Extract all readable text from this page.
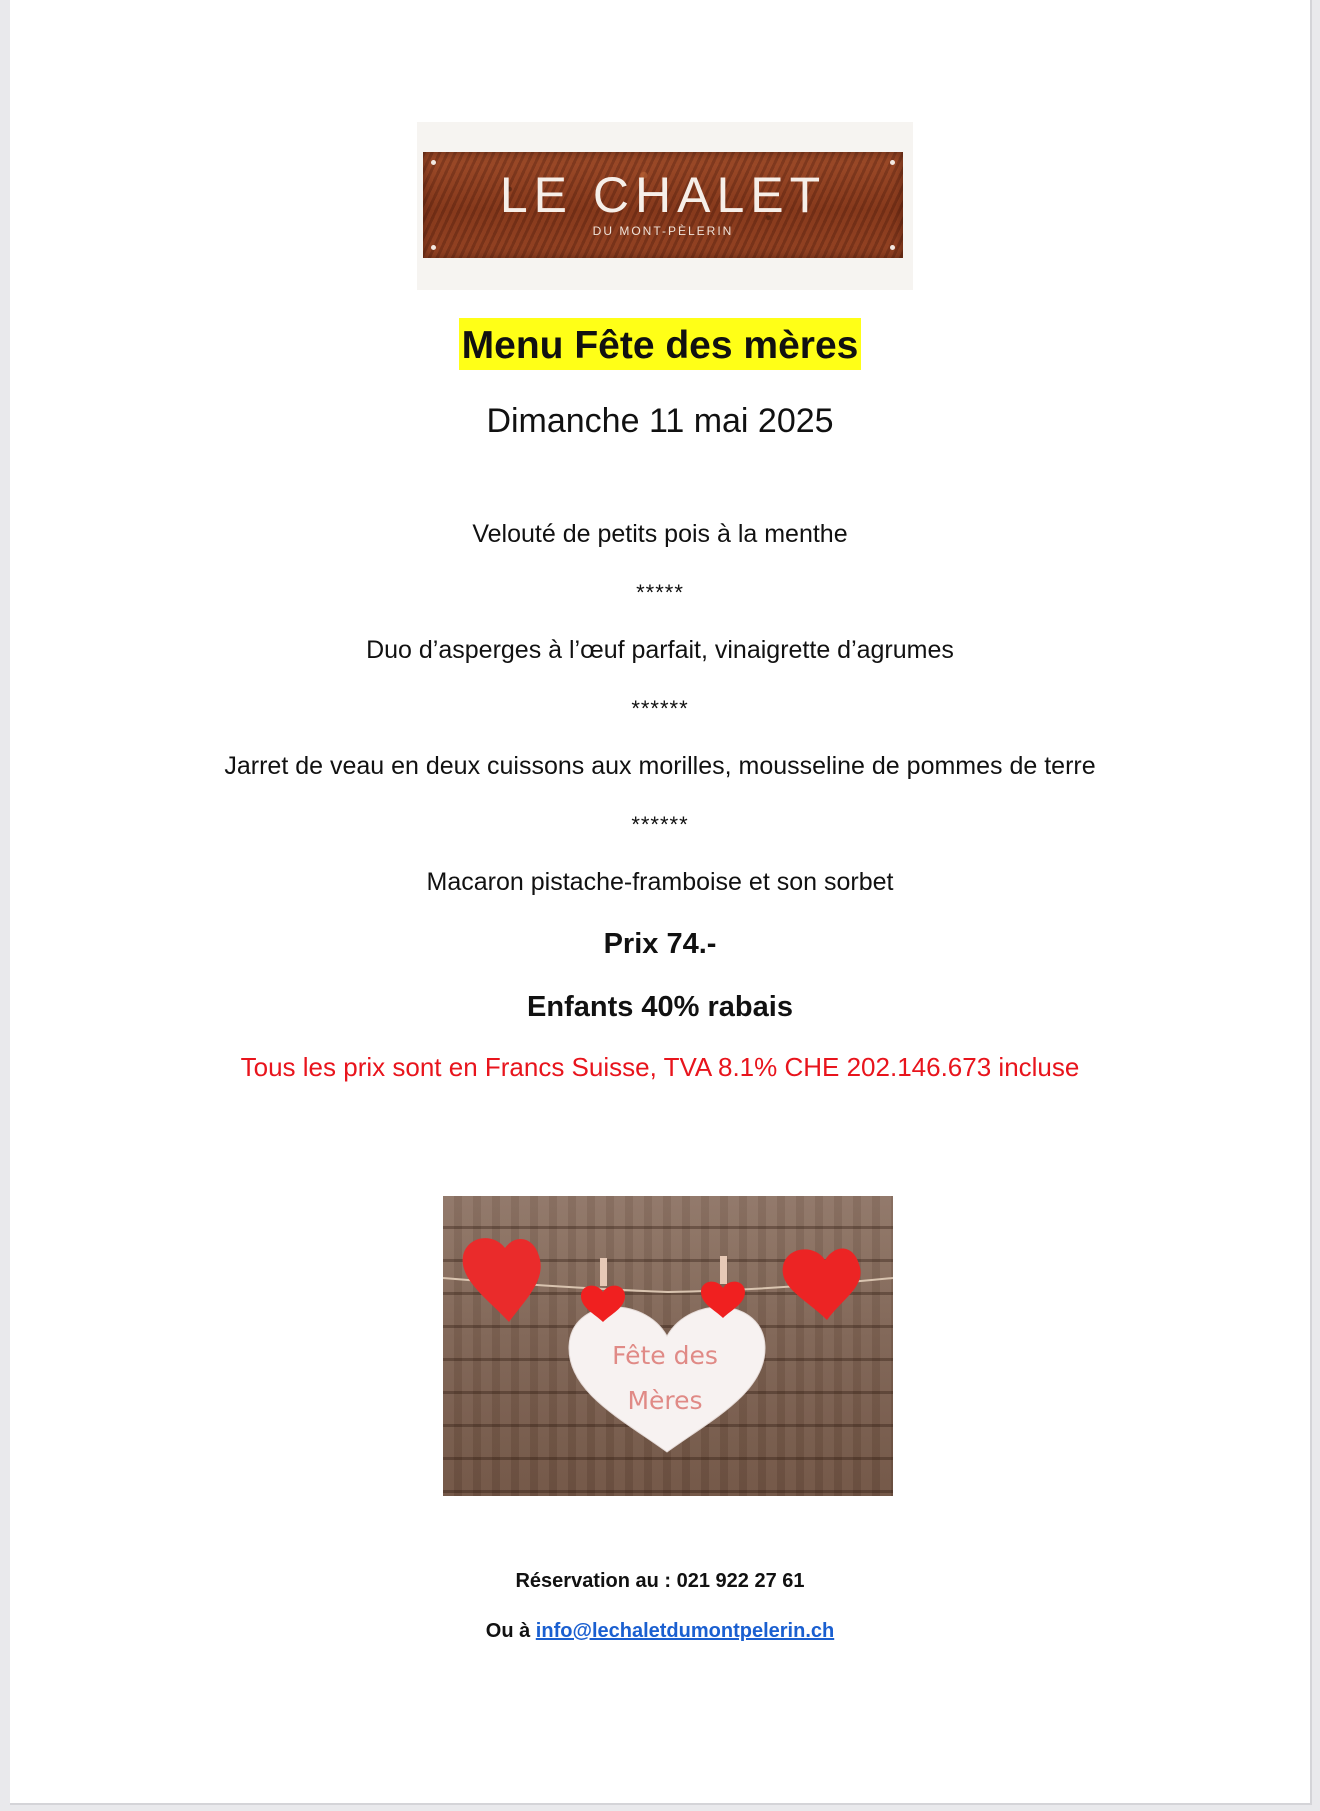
LE CHALET
DU MONT-PÈLERIN
Menu Fête des mères
Dimanche 11 mai 2025
Velouté de petits pois à la menthe
*****
Duo d’asperges à l’œuf parfait, vinaigrette d’agrumes
******
Jarret de veau en deux cuissons aux morilles, mousseline de pommes de terre
******
Macaron pistache-framboise et son sorbet
Prix 74.-
Enfants 40% rabais
Tous les prix sont en Francs Suisse, TVA 8.1% CHE 202.146.673 incluse
Fête des
Mères
Réservation au : 021 922 27 61
Ou à info@lechaletdumontpelerin.ch
